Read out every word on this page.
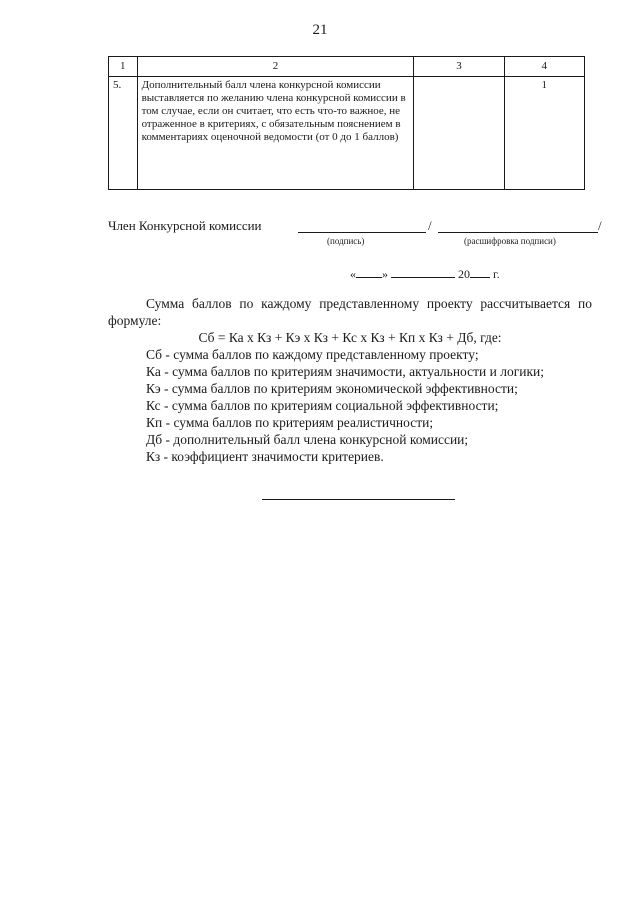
21
1	2	3	4
5.	Дополнительный балл члена конкурсной комиссии выставляется по желанию члена конкурсной комиссии в том случае, если он считает, что есть что-то важное, не отраженное в критериях, с обязательным пояснением в комментариях оценочной ведомости (от 0 до 1 баллов)		1
Член Конкурсной комиссии	/	/
(подпись)	(расшифровка подписи)
« »	20 г.

Сумма баллов по каждому представленному проекту рассчитывается по формуле:

Сб = Ка х Кз + Кэ х Кз + Кс х Кз + Кп х Кз + Дб, где:

Сб - сумма баллов по каждому представленному проекту;

Ка - сумма баллов по критериям значимости, актуальности и логики;

Кэ - сумма баллов по критериям экономической эффективности;

Кс - сумма баллов по критериям социальной эффективности;

Кп - сумма баллов по критериям реалистичности;

Дб - дополнительный балл члена конкурсной комиссии;

Кз - коэффициент значимости критериев.
